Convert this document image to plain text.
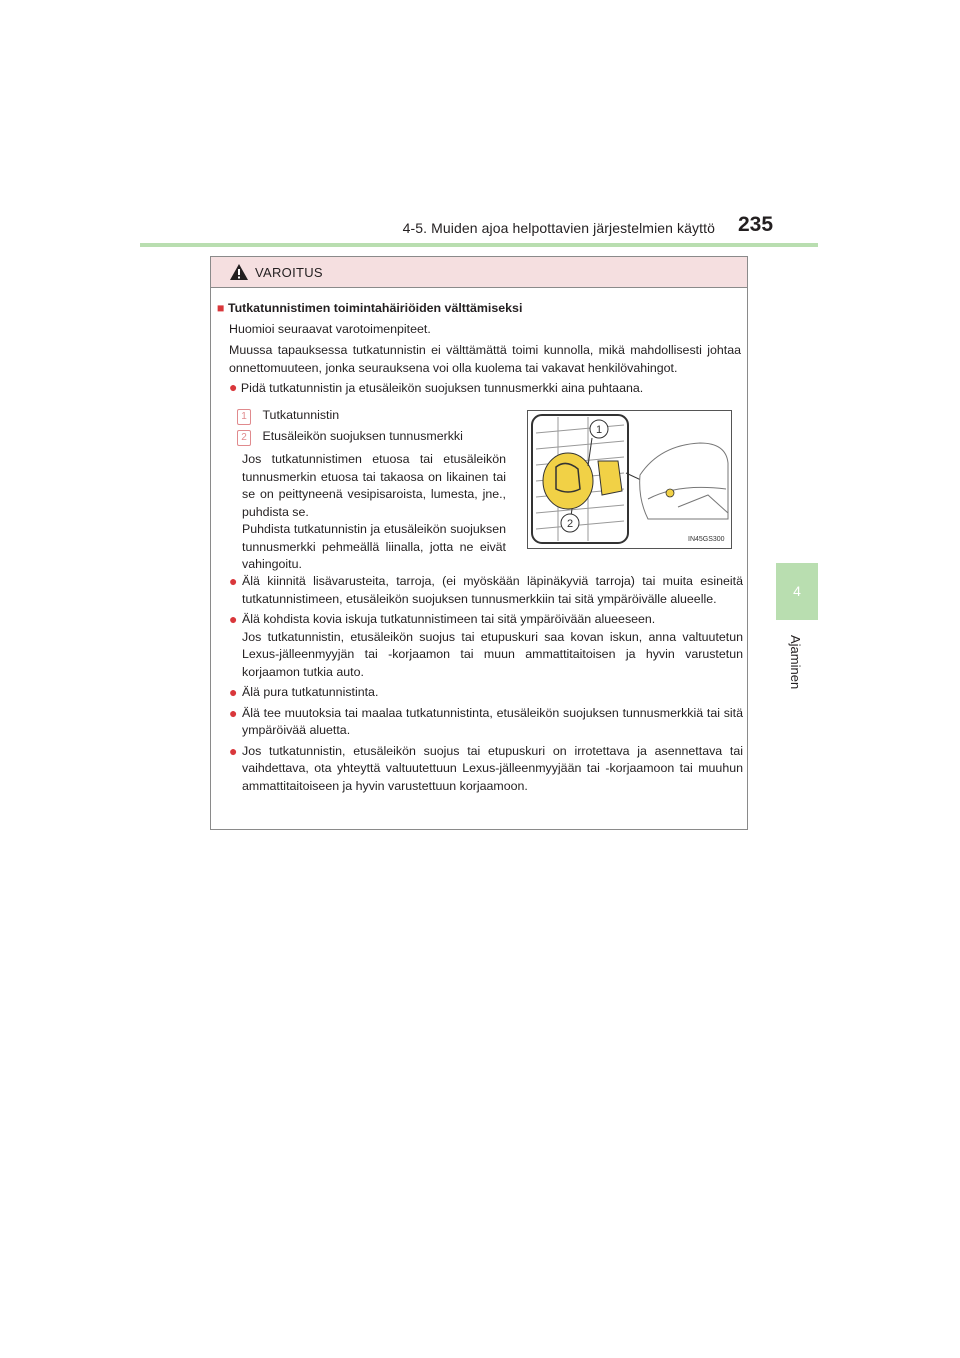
4-5. Muiden ajoa helpottavien järjestelmien käyttö 235
4
Ajaminen
VAROITUS
■ Tutkatunnistimen toimintahäiriöiden välttämiseksi
Huomioi seuraavat varotoimenpiteet.
Muussa tapauksessa tutkatunnistin ei välttämättä toimi kunnolla, mikä mahdollisesti johtaa onnettomuuteen, jonka seurauksena voi olla kuolema tai vakavat henkilövahingot.
● Pidä tutkatunnistin ja etusäleikön suojuksen tunnusmerkki aina puhtaana.
1 Tutkatunnistin
2 Etusäleikön suojuksen tunnusmerkki
Jos tutkatunnistimen etuosa tai etusäleikön tunnusmerkin etuosa tai takaosa on likainen tai se on peittyneenä vesipisaroista, lumesta, jne., puhdista se.
Puhdista tutkatunnistin ja etusäleikön suojuksen tunnusmerkki pehmeällä liinalla, jotta ne eivät vahingoitu.
● Älä kiinnitä lisävarusteita, tarroja, (ei myöskään läpinäkyviä tarroja) tai muita esineitä tutkatunnistimeen, etusäleikön suojuksen tunnusmerkkiin tai sitä ympäröivälle alueelle.
● Älä kohdista kovia iskuja tutkatunnistimeen tai sitä ympäröivään alueeseen.
Jos tutkatunnistin, etusäleikön suojus tai etupuskuri saa kovan iskun, anna valtuutetun Lexus-jälleenmyyjän tai -korjaamon tai muun ammattitaitoisen ja hyvin varustetun korjaamon tutkia auto.
● Älä pura tutkatunnistinta.
● Älä tee muutoksia tai maalaa tutkatunnistinta, etusäleikön suojuksen tunnusmerkkiä tai sitä ympäröivää aluetta.
● Jos tutkatunnistin, etusäleikön suojus tai etupuskuri on irrotettava ja asennettava tai vaihdettava, ota yhteyttä valtuutettuun Lexus-jälleenmyyjään tai -korjaamoon tai muuhun ammattitaitoiseen ja hyvin varustettuun korjaamoon.
1
2
IN45GS300
